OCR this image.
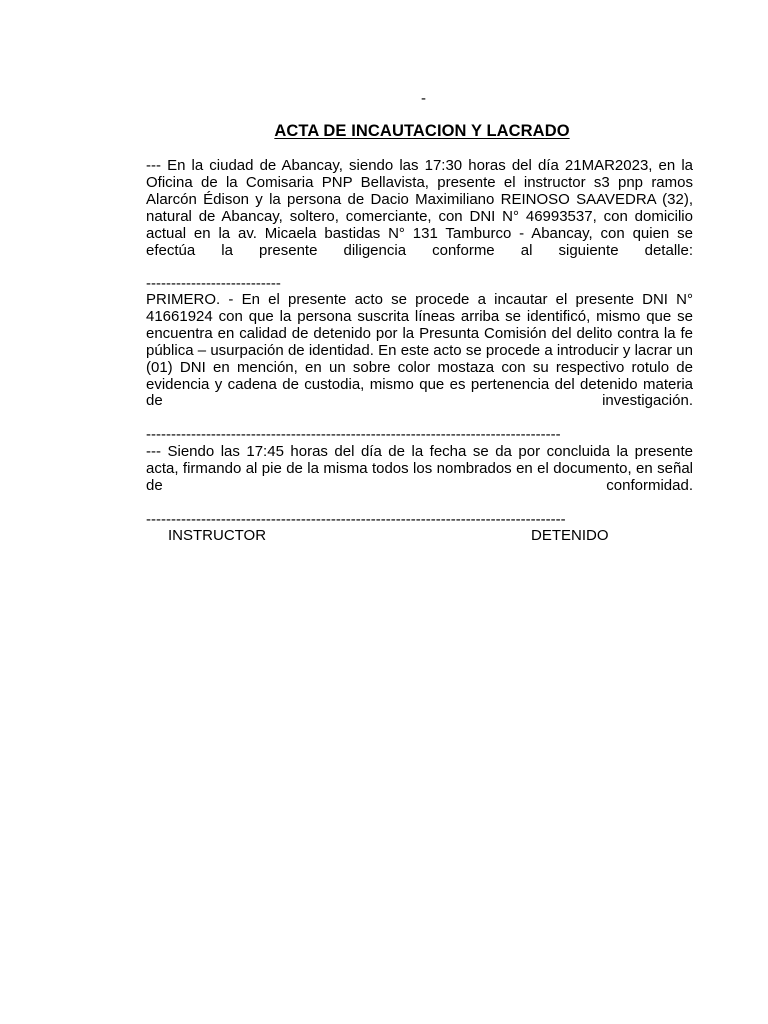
-
ACTA DE INCAUTACION Y LACRADO

--- En la ciudad de Abancay, siendo las 17:30 horas del día 21MAR2023, en la Oficina de la Comisaria PNP Bellavista, presente el instructor s3 pnp ramos Alarcón Édison y la persona de Dacio Maximiliano REINOSO SAAVEDRA (32), natural de Abancay, soltero, comerciante, con DNI N° 46993537, con domicilio actual en la av. Micaela bastidas N° 131 Tamburco - Abancay, con quien se efectúa la presente diligencia conforme al siguiente detalle:

---------------------------

PRIMERO. - En el presente acto se procede a incautar el presente DNI N° 41661924 con que la persona suscrita líneas arriba se identificó, mismo que se encuentra en calidad de detenido por la Presunta Comisión del delito contra la fe pública – usurpación de identidad. En este acto se procede a introducir y lacrar un (01) DNI en mención, en un sobre color mostaza con su respectivo rotulo de evidencia y cadena de custodia, mismo que es pertenencia del detenido materia de investigación.

-----------------------------------------------------------------------------------

--- Siendo las 17:45 horas del día de la fecha se da por concluida la presente acta, firmando al pie de la misma todos los nombrados en el documento, en señal de conformidad.

------------------------------------------------------------------------------------

INSTRUCTOR	DETENIDO
